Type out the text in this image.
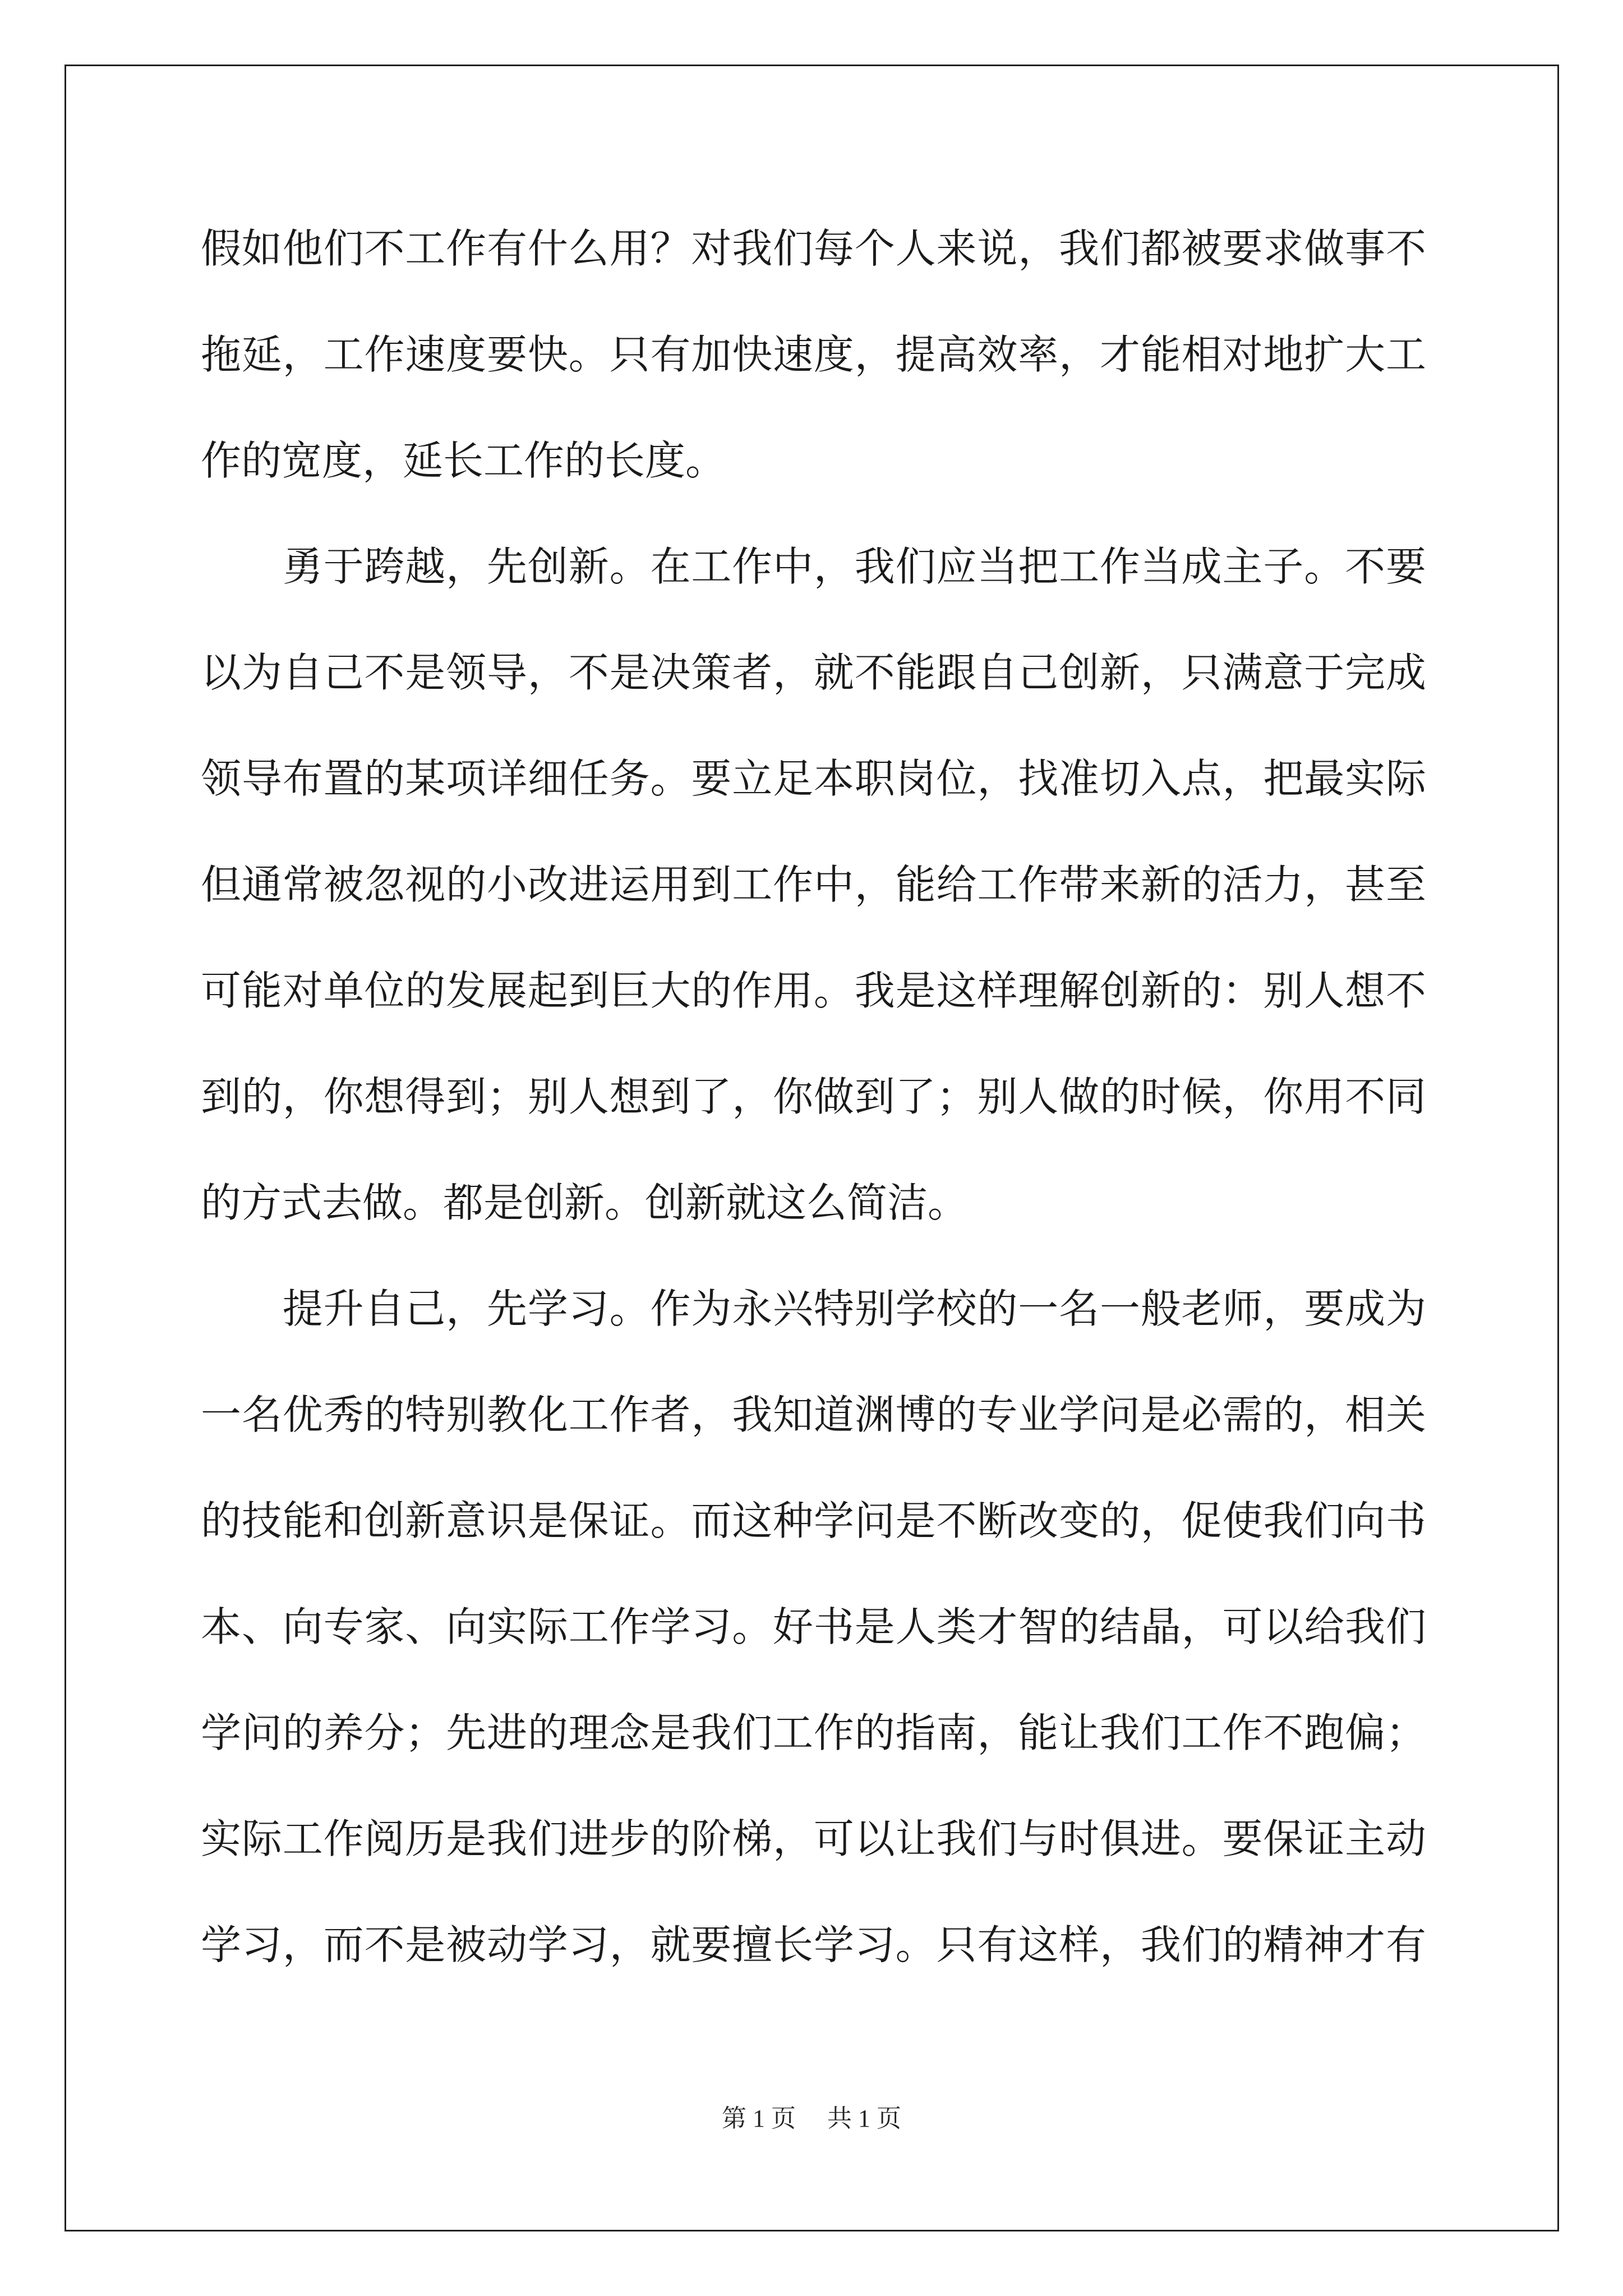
假如他们不工作有什么用？对我们每个人来说，我们都被要求做事不
拖延，工作速度要快。只有加快速度，提高效率，才能相对地扩大工
作的宽度，延长工作的长度。
　　勇于跨越，先创新。在工作中，我们应当把工作当成主子。不要
以为自己不是领导，不是决策者，就不能跟自己创新，只满意于完成
领导布置的某项详细任务。要立足本职岗位，找准切入点，把最实际
但通常被忽视的小改进运用到工作中，能给工作带来新的活力，甚至
可能对单位的发展起到巨大的作用。我是这样理解创新的：别人想不
到的，你想得到；别人想到了，你做到了；别人做的时候，你用不同
的方式去做。都是创新。创新就这么简洁。
　　提升自己，先学习。作为永兴特别学校的一名一般老师，要成为
一名优秀的特别教化工作者，我知道渊博的专业学问是必需的，相关
的技能和创新意识是保证。而这种学问是不断改变的，促使我们向书
本、向专家、向实际工作学习。好书是人类才智的结晶，可以给我们
学问的养分；先进的理念是我们工作的指南，能让我们工作不跑偏；
实际工作阅历是我们进步的阶梯，可以让我们与时俱进。要保证主动
学习，而不是被动学习，就要擅长学习。只有这样，我们的精神才有
第 1 页 共 1 页
